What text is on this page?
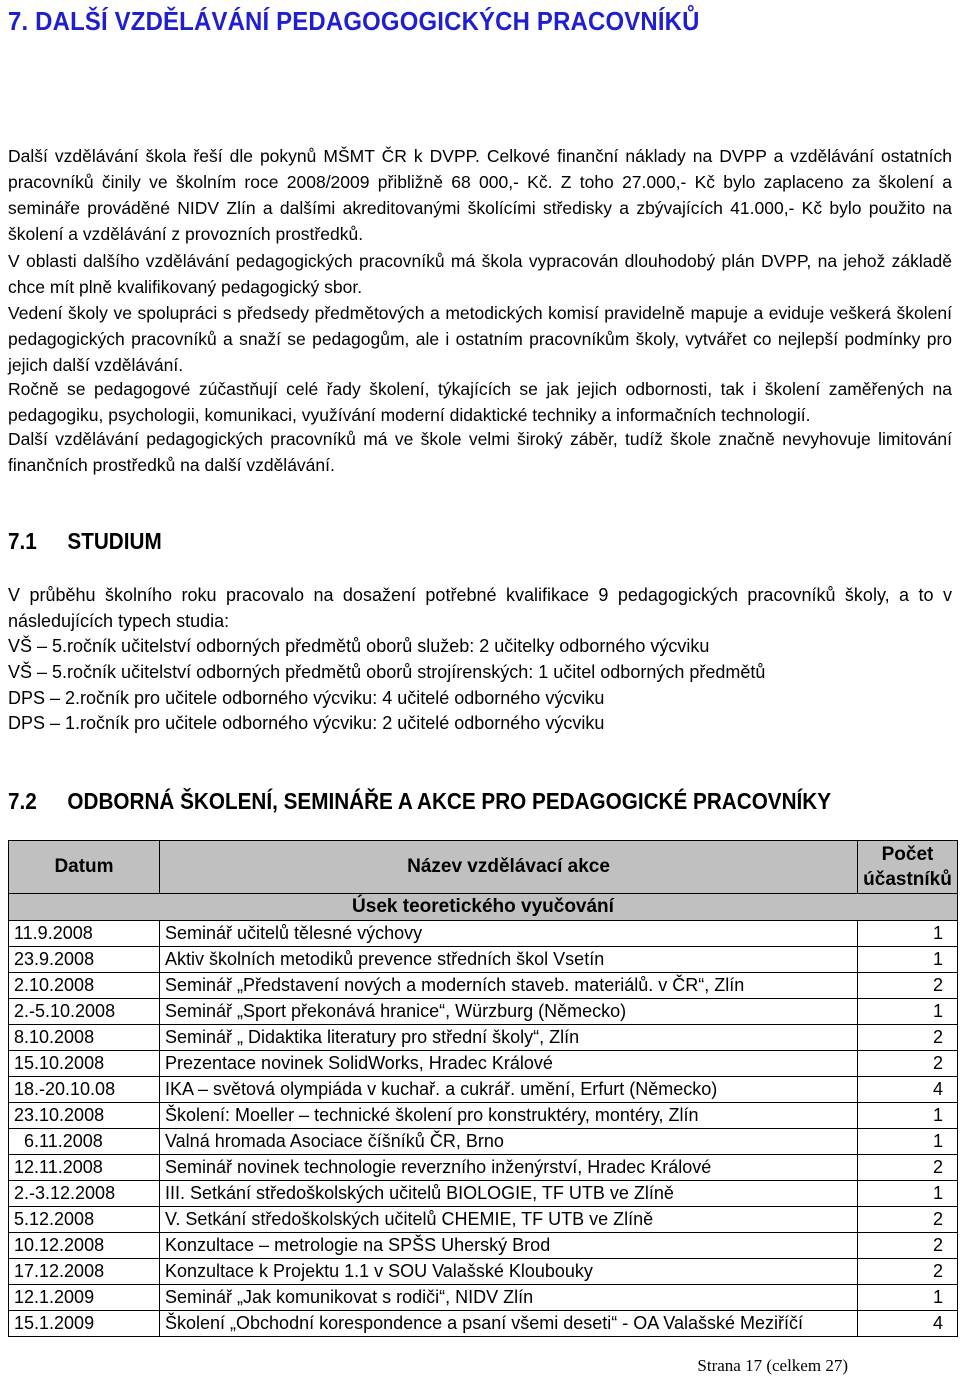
7. DALŠÍ VZDĚLÁVÁNÍ PEDAGOGOGICKÝCH PRACOVNÍKŮ

Další vzdělávání škola řeší dle pokynů MŠMT ČR k DVPP. Celkové finanční náklady na DVPP a vzdělávání ostatních pracovníků činily ve školním roce 2008/2009 přibližně 68 000,- Kč. Z toho 27.000,- Kč bylo zaplaceno za školení a semináře prováděné NIDV Zlín a dalšími akreditovanými školícími středisky a zbývajících 41.000,- Kč bylo použito na školení a vzdělávání z provozních prostředků.

V oblasti dalšího vzdělávání pedagogických pracovníků má škola vypracován dlouhodobý plán DVPP, na jehož základě chce mít plně kvalifikovaný pedagogický sbor.

Vedení školy ve spolupráci s předsedy předmětových a metodických komisí pravidelně mapuje a eviduje veškerá školení pedagogických pracovníků a snaží se pedagogům, ale i ostatním pracovníkům školy, vytvářet co nejlepší podmínky pro jejich další vzdělávání.

Ročně se pedagogové zúčastňují celé řady školení, týkajících se jak jejich odbornosti, tak i školení zaměřených na pedagogiku, psychologii, komunikaci, využívání moderní didaktické techniky a informačních technologií.

Další vzdělávání pedagogických pracovníků má ve škole velmi široký záběr, tudíž škole značně nevyhovuje limitování finančních prostředků na další vzdělávání.

7.1 STUDIUM

V průběhu školního roku pracovalo na dosažení potřebné kvalifikace 9 pedagogických pracovníků školy, a to v následujících typech studia:

VŠ – 5.ročník učitelství odborných předmětů oborů služeb: 2 učitelky odborného výcviku

VŠ – 5.ročník učitelství odborných předmětů oborů strojírenských: 1 učitel odborných předmětů

DPS – 2.ročník pro učitele odborného výcviku: 4 učitelé odborného výcviku

DPS – 1.ročník pro učitele odborného výcviku: 2 učitelé odborného výcviku

7.2 ODBORNÁ ŠKOLENÍ, SEMINÁŘE A AKCE PRO PEDAGOGICKÉ PRACOVNÍKY
Datum	Název vzdělávací akce	Počet účastníků
Úsek teoretického vyučování		
11.9.2008	Seminář učitelů tělesné výchovy	1
23.9.2008	Aktiv školních metodiků prevence středních škol Vsetín	1
2.10.2008	Seminář „Představení nových a moderních staveb. materiálů. v ČR“, Zlín	2
2.-5.10.2008	Seminář „Sport překonává hranice“, Würzburg (Německo)	1
8.10.2008	Seminář „ Didaktika literatury pro střední školy“, Zlín	2
15.10.2008	Prezentace novinek SolidWorks, Hradec Králové	2
18.-20.10.08	IKA – světová olympiáda v kuchař. a cukrář. umění, Erfurt (Německo)	4
23.10.2008	Školení: Moeller – technické školení pro konstruktéry, montéry, Zlín	1
6.11.2008	Valná hromada Asociace číšníků ČR, Brno	1
12.11.2008	Seminář novinek technologie reverzního inženýrství, Hradec Králové	2
2.-3.12.2008	III. Setkání středoškolských učitelů BIOLOGIE, TF UTB ve Zlíně	1
5.12.2008	V. Setkání středoškolských učitelů CHEMIE, TF UTB ve Zlíně	2
10.12.2008	Konzultace – metrologie na SPŠS Uherský Brod	2
17.12.2008	Konzultace k Projektu 1.1 v SOU Valašské Kloubouky	2
12.1.2009	Seminář „Jak komunikovat s rodiči“, NIDV Zlín	1
15.1.2009	Školení „Obchodní korespondence a psaní všemi deseti“ - OA Valašské Meziříčí	4
Strana 17 (celkem 27)
